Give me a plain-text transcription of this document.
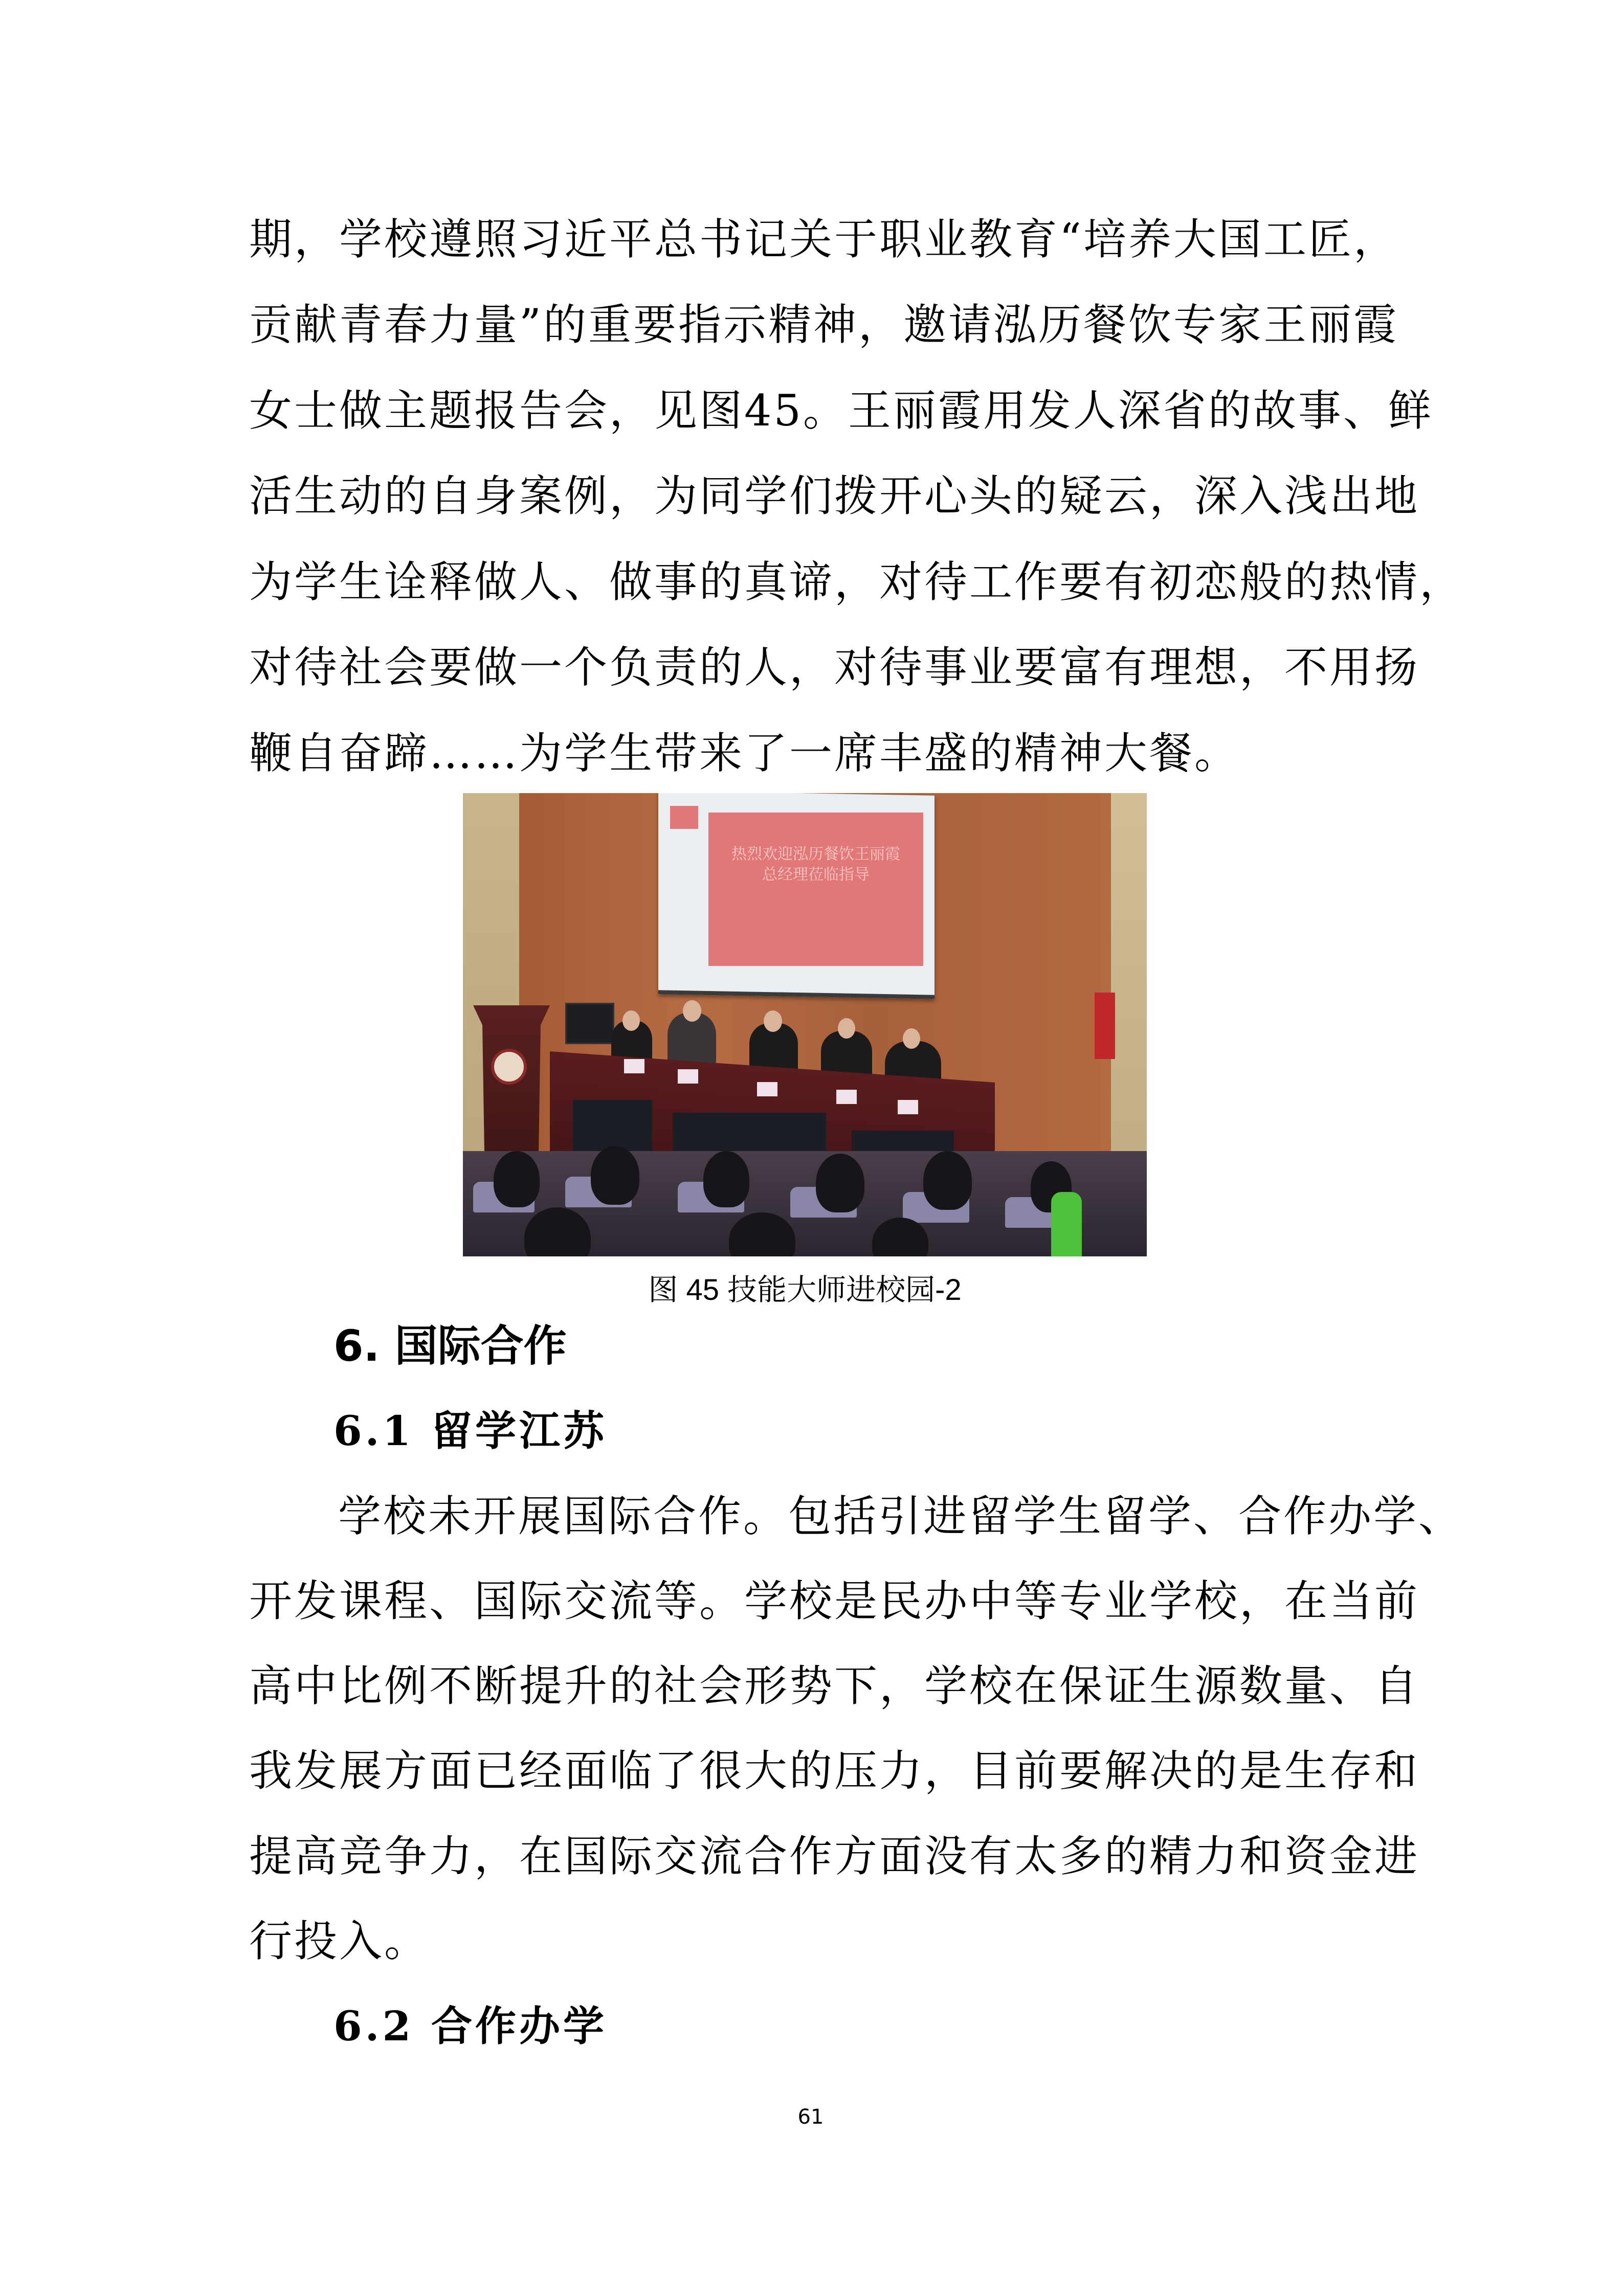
期，学校遵照习近平总书记关于职业教育“培养大国工匠，
贡献青春力量”的重要指示精神，邀请泓历餐饮专家王丽霞
女士做主题报告会，见图45。王丽霞用发人深省的故事、鲜
活生动的自身案例，为同学们拨开心头的疑云，深入浅出地
为学生诠释做人、做事的真谛，对待工作要有初恋般的热情，
对待社会要做一个负责的人，对待事业要富有理想，不用扬
鞭自奋蹄……为学生带来了一席丰盛的精神大餐。
热烈欢迎泓历餐饮王丽霞
总经理莅临指导
图 45 技能大师进校园-2
6. 国际合作
6.1 留学江苏
学校未开展国际合作。包括引进留学生留学、合作办学、
开发课程、国际交流等。学校是民办中等专业学校，在当前
高中比例不断提升的社会形势下，学校在保证生源数量、自
我发展方面已经面临了很大的压力，目前要解决的是生存和
提高竞争力，在国际交流合作方面没有太多的精力和资金进
行投入。
6.2 合作办学
61
